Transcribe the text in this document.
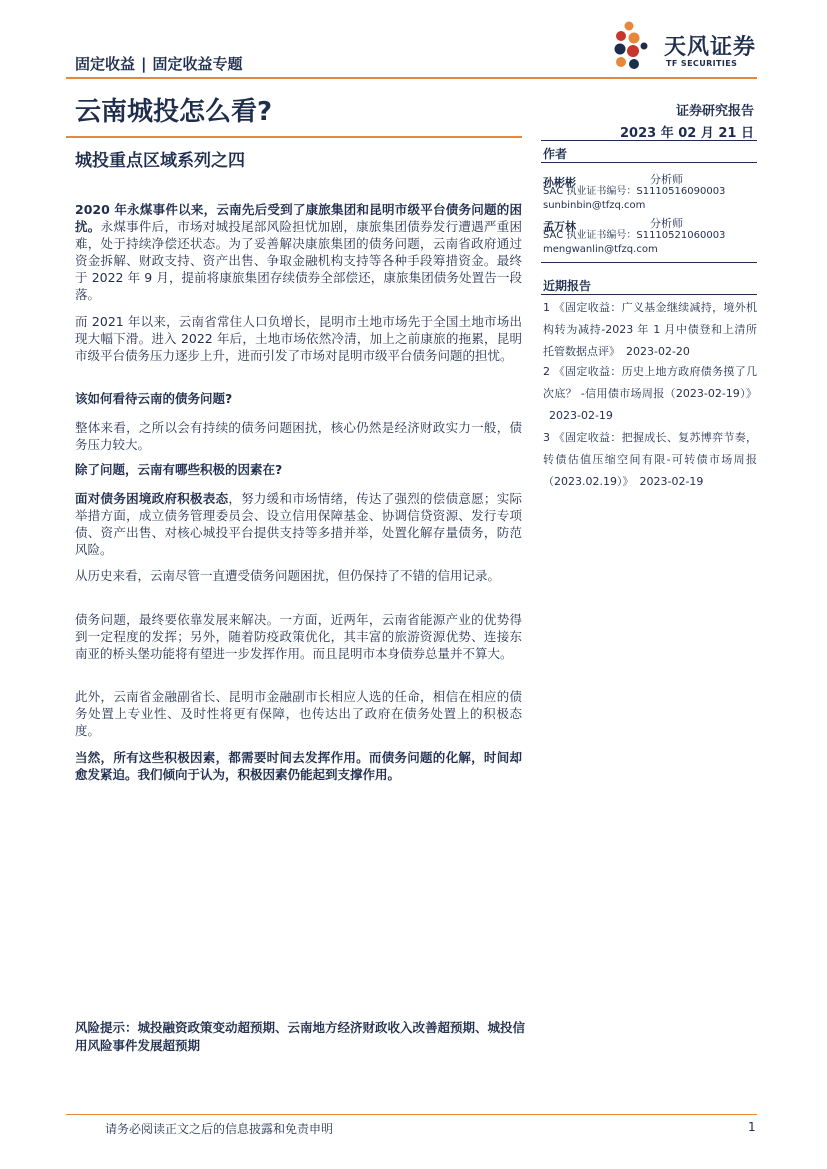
固定收益 | 固定收益专题
天风证券
TF SECURITIES
云南城投怎么看?
城投重点区域系列之四
证券研究报告
2023 年 02 月 21 日
作者
孙彬彬	分析师
SAC 执业证书编号：S1110516090003
sunbinbin@tfzq.com
孟万林	分析师
SAC 执业证书编号：S1110521060003
mengwanlin@tfzq.com
近期报告
1 《固定收益：广义基金继续减持，境外机构转为减持-2023 年 1 月中债登和上清所托管数据点评》 2023-02-20
2 《固定收益：历史上地方政府债务摸了几次底？ -信用债市场周报（2023-02-19）》2023-02-19
3 《固定收益：把握成长、复苏博弈节奏，转债估值压缩空间有限-可转债市场周报（2023.02.19）》 2023-02-19

2020 年永煤事件以来，云南先后受到了康旅集团和昆明市级平台债务问题的困扰。永煤事件后，市场对城投尾部风险担忧加剧，康旅集团债券发行遭遇严重困难，处于持续净偿还状态。为了妥善解决康旅集团的债务问题，云南省政府通过资金拆解、财政支持、资产出售、争取金融机构支持等各种手段筹措资金。最终于 2022 年 9 月，提前将康旅集团存续债券全部偿还，康旅集团债务处置告一段落。

而 2021 年以来，云南省常住人口负增长，昆明市土地市场先于全国土地市场出现大幅下滑。进入 2022 年后，土地市场依然冷清，加上之前康旅的拖累，昆明市级平台债务压力逐步上升，进而引发了市场对昆明市级平台债务问题的担忧。

该如何看待云南的债务问题?

整体来看，之所以会有持续的债务问题困扰，核心仍然是经济财政实力一般，债务压力较大。

除了问题，云南有哪些积极的因素在?

面对债务困境政府积极表态，努力缓和市场情绪，传达了强烈的偿债意愿；实际举措方面，成立债务管理委员会、设立信用保障基金、协调信贷资源、发行专项债、资产出售、对核心城投平台提供支持等多措并举，处置化解存量债务，防范风险。

从历史来看，云南尽管一直遭受债务问题困扰，但仍保持了不错的信用记录。

债务问题，最终要依靠发展来解决。一方面，近两年，云南省能源产业的优势得到一定程度的发挥；另外，随着防疫政策优化，其丰富的旅游资源优势、连接东南亚的桥头堡功能将有望进一步发挥作用。而且昆明市本身债券总量并不算大。

此外，云南省金融副省长、昆明市金融副市长相应人选的任命，相信在相应的债务处置上专业性、及时性将更有保障，也传达出了政府在债务处置上的积极态度。

当然，所有这些积极因素，都需要时间去发挥作用。而债务问题的化解，时间却愈发紧迫。我们倾向于认为，积极因素仍能起到支撑作用。

风险提示：城投融资政策变动超预期、云南地方经济财政收入改善超预期、城投信用风险事件发展超预期
请务必阅读正文之后的信息披露和免责申明	1
